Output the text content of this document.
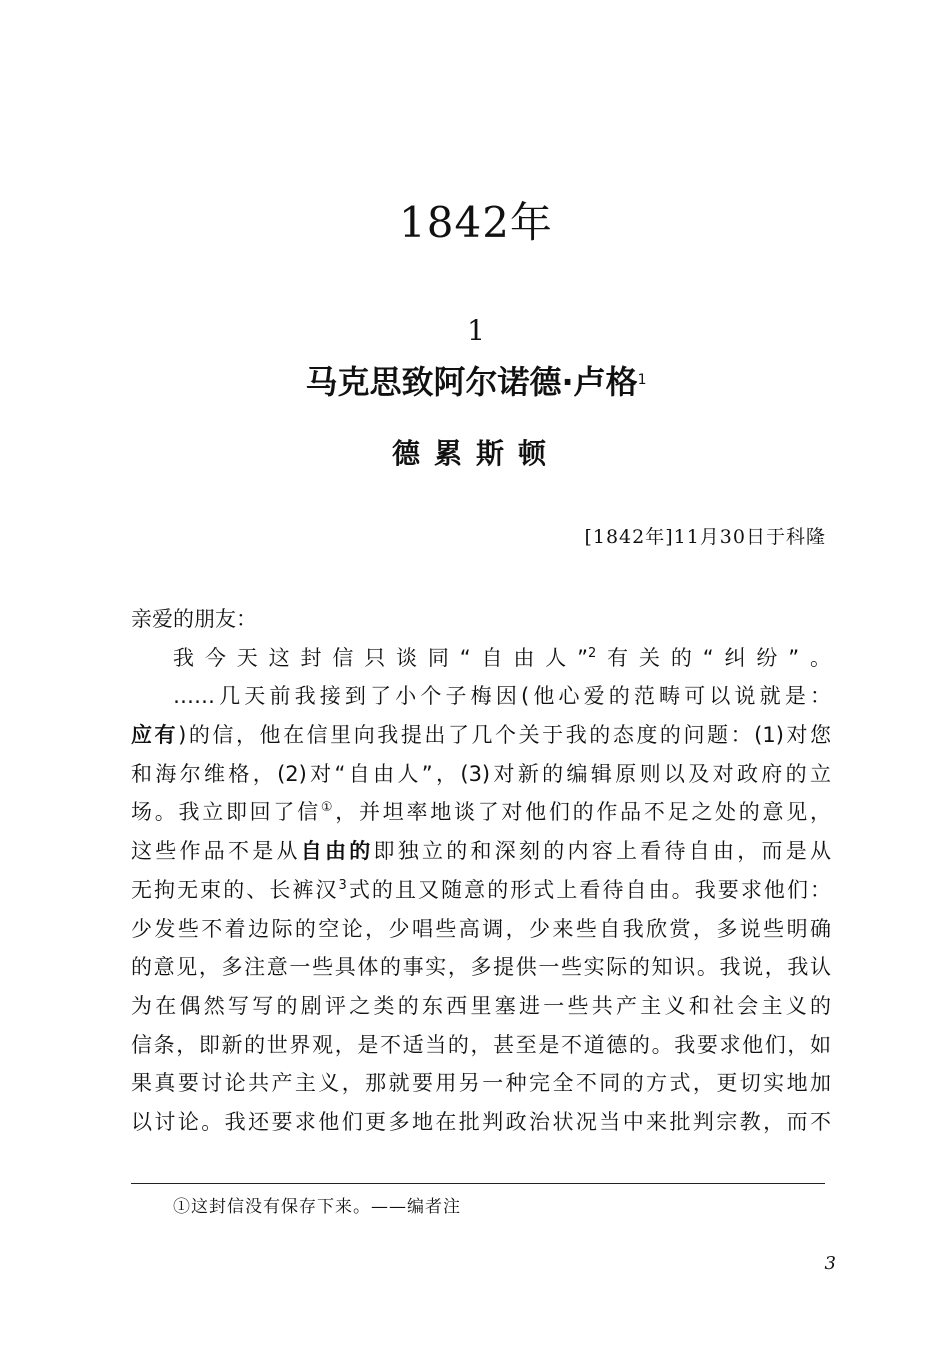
1842年
1
马克思致阿尔诺德·卢格$^1$
德累斯顿
[1842年]11月30日于科隆

亲爱的朋友：

我今天这封信只谈同“自由人”$^2$有关的“纠纷”。
……几天前我接到了小个子梅因(他心爱的范畴可以说就是：
应有)的信，他在信里向我提出了几个关于我的态度的问题：(1)对您
和海尔维格，(2)对“自由人”，(3)对新的编辑原则以及对政府的立
场。我立即回了信①，并坦率地谈了对他们的作品不足之处的意见，
这些作品不是从自由的即独立的和深刻的内容上看待自由，而是从
无拘无束的、长裤汉$^3$式的且又随意的形式上看待自由。我要求他们：
少发些不着边际的空论，少唱些高调，少来些自我欣赏，多说些明确
的意见，多注意一些具体的事实，多提供一些实际的知识。我说，我认
为在偶然写写的剧评之类的东西里塞进一些共产主义和社会主义的
信条，即新的世界观，是不适当的，甚至是不道德的。我要求他们，如
果真要讨论共产主义，那就要用另一种完全不同的方式，更切实地加
以讨论。我还要求他们更多地在批判政治状况当中来批判宗教，而不
①这封信没有保存下来。——编者注
3
